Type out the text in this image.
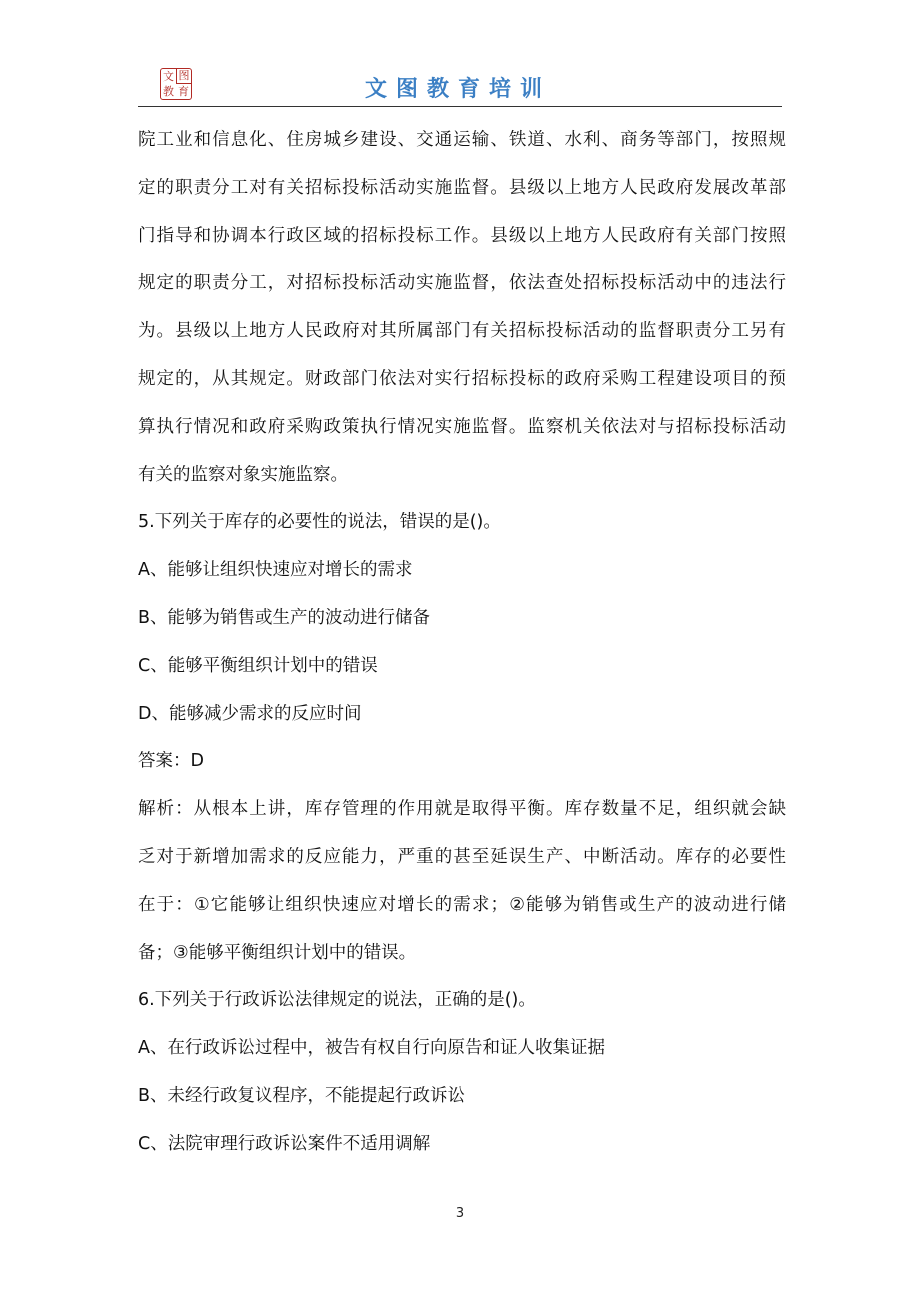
文 图
教 育	文图教育培训
院工业和信息化、住房城乡建设、交通运输、铁道、水利、商务等部门，按照规
定的职责分工对有关招标投标活动实施监督。县级以上地方人民政府发展改革部
门指导和协调本行政区域的招标投标工作。县级以上地方人民政府有关部门按照
规定的职责分工，对招标投标活动实施监督，依法查处招标投标活动中的违法行
为。县级以上地方人民政府对其所属部门有关招标投标活动的监督职责分工另有
规定的，从其规定。财政部门依法对实行招标投标的政府采购工程建设项目的预
算执行情况和政府采购政策执行情况实施监督。监察机关依法对与招标投标活动
有关的监察对象实施监察。
5.下列关于库存的必要性的说法，错误的是()。
A、能够让组织快速应对增长的需求
B、能够为销售或生产的波动进行储备
C、能够平衡组织计划中的错误
D、能够减少需求的反应时间
答案：D
解析：从根本上讲，库存管理的作用就是取得平衡。库存数量不足，组织就会缺
乏对于新增加需求的反应能力，严重的甚至延误生产、中断活动。库存的必要性
在于：①它能够让组织快速应对增长的需求；②能够为销售或生产的波动进行储
备；③能够平衡组织计划中的错误。
6.下列关于行政诉讼法律规定的说法，正确的是()。
A、在行政诉讼过程中，被告有权自行向原告和证人收集证据
B、未经行政复议程序，不能提起行政诉讼
C、法院审理行政诉讼案件不适用调解
3
